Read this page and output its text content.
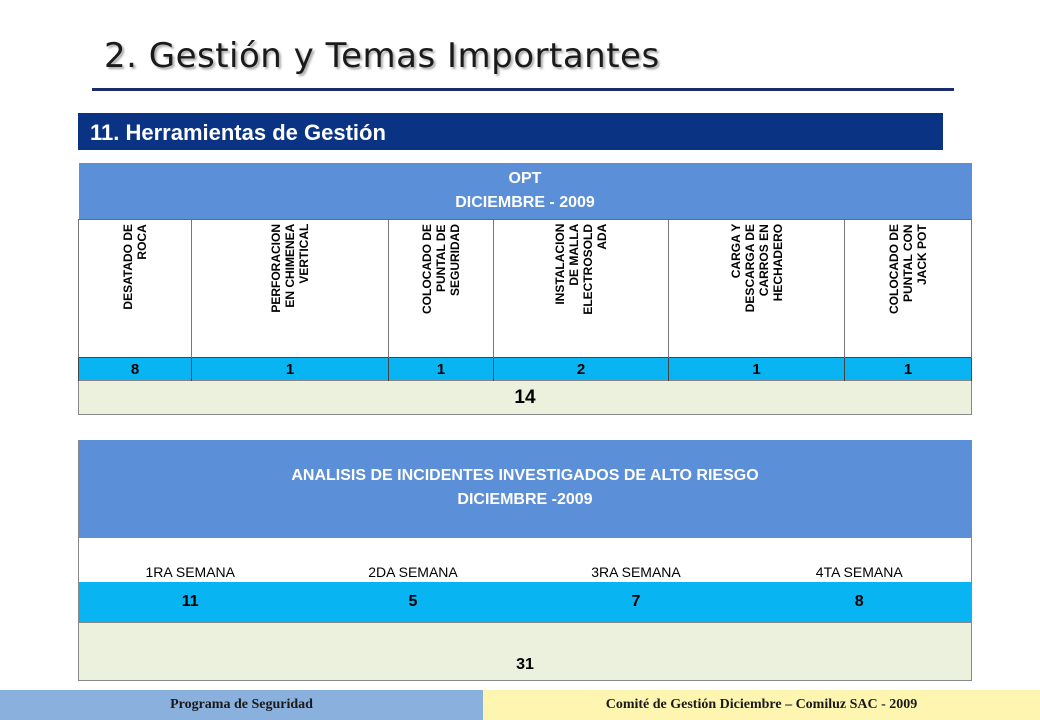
2. Gestión y Temas Importantes
11. Herramientas de Gestión
OPT
DICIEMBRE - 2009					

DESATADO DE
ROCA	PERFORACION
EN CHIMENEA
VERTICAL	COLOCADO DE
PUNTAL DE
SEGURIDAD	INSTALACION
DE MALLA
ELECTROSOLD
ADA	CARGA Y
DESCARGA DE
CARROS EN
HECHADERO	COLOCADO DE
PUNTAL CON
JACK POT

8	1	1	2	1	1
14					
ANALISIS DE INCIDENTES INVESTIGADOS DE ALTO RIESGO
DICIEMBRE -2009			

1RA SEMANA	2DA SEMANA	3RA SEMANA	4TA SEMANA
11	5	7	8
31			
Programa de Seguridad	Comité de Gestión Diciembre – Comiluz SAC - 2009
